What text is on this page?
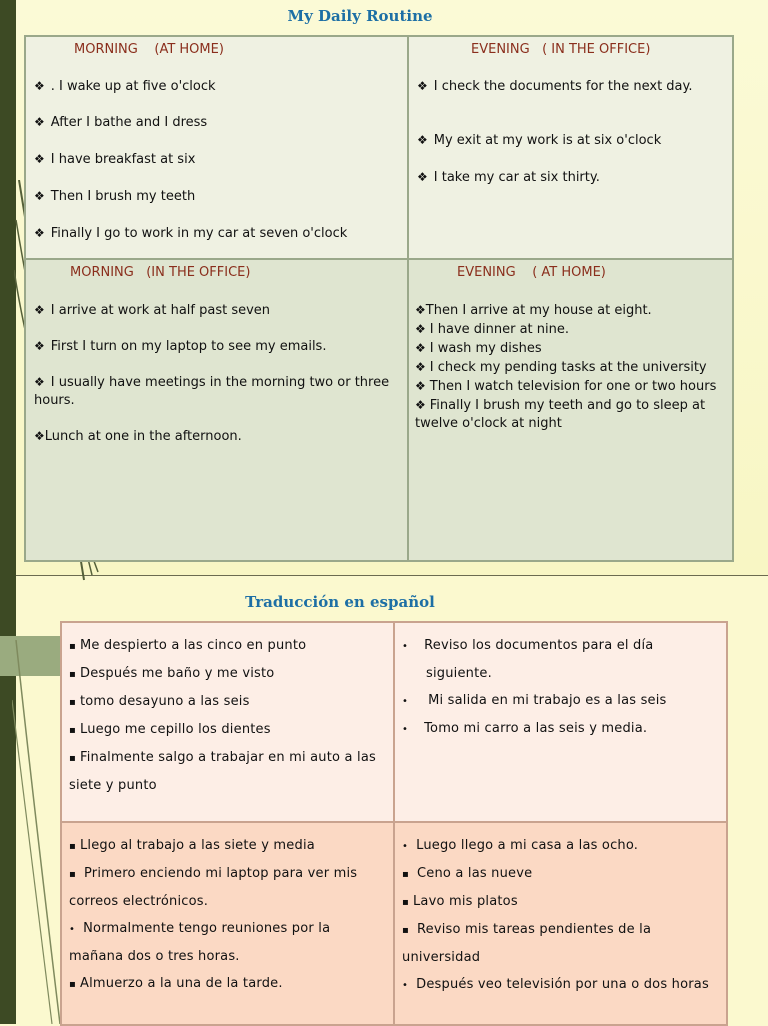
My Daily Routine
MORNING    (AT HOME)
❖ . I wake up at five o'clock
❖ After I bathe and I dress
❖ I have breakfast at six
❖ Then I brush my teeth
❖ Finally I go to work in my car at seven o'clock
EVENING   ( IN THE OFFICE)
❖ I check the documents for the next day.
❖ My exit at my work is at six o'clock
❖ I take my car at six thirty.
MORNING   (IN THE OFFICE)
❖ I arrive at work at half past seven
❖ First I turn on my laptop to see my emails.
❖ I usually have meetings in the morning two or three hours.
❖Lunch at one in the afternoon.
EVENING    ( AT HOME)
❖Then I arrive at my house at eight.
❖ I have dinner at nine.
❖ I wash my dishes
❖ I check my pending tasks at the university
❖ Then I watch television for one or two hours
❖ Finally I brush my teeth and go to sleep at twelve o'clock at night
Traducción en español
▪ Me despierto a las cinco en punto
▪ Después me baño y me visto
▪ tomo desayuno a las seis
▪ Luego me cepillo los dientes
▪ Finalmente salgo a trabajar en mi auto a las siete y punto
• Reviso los documentos para el día siguiente.
• Mi salida en mi trabajo es a las seis
• Tomo mi carro a las seis y media.
▪ Llego al trabajo a las siete y media
▪ Primero enciendo mi laptop para ver mis correos electrónicos.
• Normalmente tengo reuniones por la mañana dos o tres horas.
▪ Almuerzo a la una de la tarde.
• Luego llego a mi casa a las ocho.
▪ Ceno a las nueve
▪ Lavo mis platos
▪ Reviso mis tareas pendientes de la universidad
• Después veo televisión por una o dos horas
